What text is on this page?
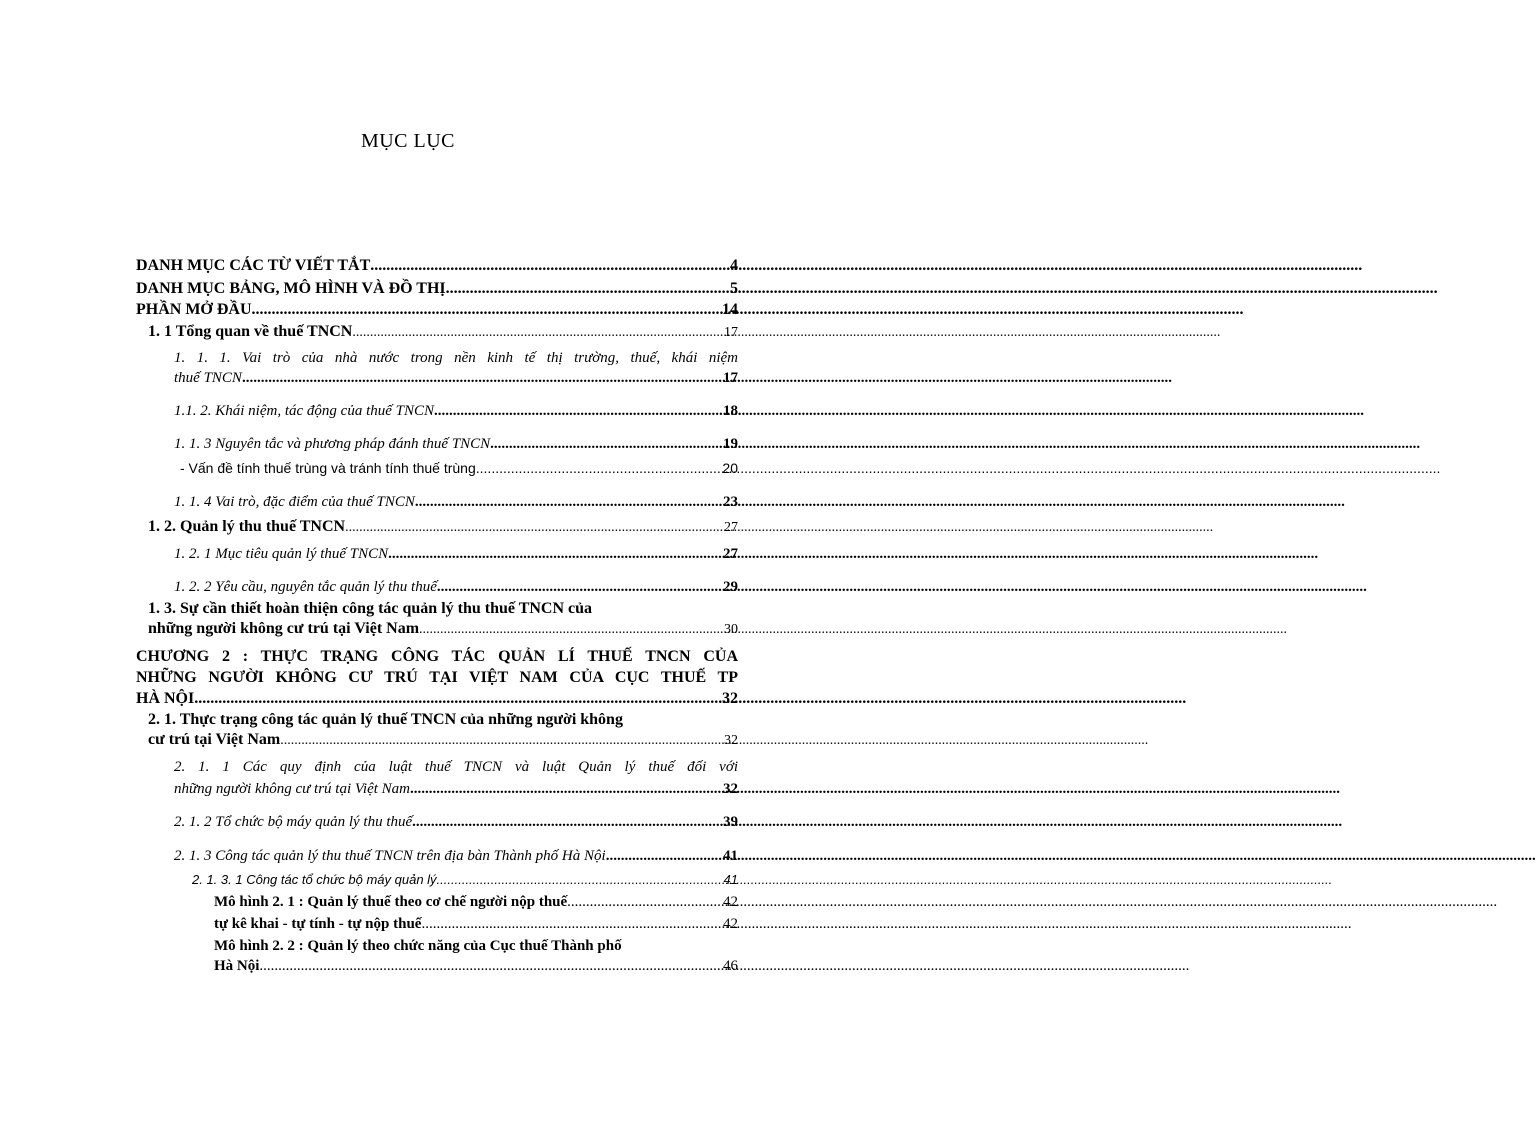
MỤC LỤC
DANH MỤC CÁC TỪ VIẾT TẮT .....	4
DANH MỤC BẢNG, MÔ HÌNH VÀ ĐỒ THỊ .....	5
PHẦN MỞ ĐẦU .....	14
1. 1 Tổng quan về thuế TNCN .....	17
1. 1. 1. Vai trò của nhà nước trong nền kinh tế thị trường, thuế, khái niệm
thuế TNCN .....	17
1.1. 2. Khái niệm, tác động của thuế TNCN .....	18
1. 1. 3 Nguyên tắc và phương pháp đánh thuế TNCN .....	19
- Vấn đề tính thuế trùng và tránh tính thuế trùng .....	20
1. 1. 4 Vai trò, đặc điểm của thuế TNCN .....	23
1. 2. Quản lý thu thuế TNCN .....	27
1. 2. 1 Mục tiêu quản lý thuế TNCN .....	27
1. 2. 2 Yêu cầu, nguyên tắc quản lý thu thuế .....	29
1. 3. Sự cần thiết hoàn thiện công tác quản lý thu thuế TNCN của
những người không cư trú tại Việt Nam .....	30
CHƯƠNG 2 : THỰC TRẠNG CÔNG TÁC QUẢN LÍ THUẾ TNCN CỦA
NHỮNG NGƯỜI KHÔNG CƯ TRÚ TẠI VIỆT NAM CỦA CỤC THUẾ TP
HÀ NỘI .....	32
2. 1. Thực trạng công tác quản lý thuế TNCN của những người không
cư trú tại Việt Nam .....	32
2. 1. 1 Các quy định của luật thuế TNCN và luật Quản lý thuế đối với
những người không cư trú tại Việt Nam .....	32
2. 1. 2 Tổ chức bộ máy quản lý thu thuế .....	39
2. 1. 3 Công tác quản lý thu thuế TNCN trên địa bàn Thành phố Hà Nội .....	41
2. 1. 3. 1 Công tác tổ chức bộ máy quản lý .....	41
Mô hình 2. 1 : Quản lý thuế theo cơ chế người nộp thuế .....	42
tự kê khai - tự tính - tự nộp thuế .....	42
Mô hình 2. 2 : Quản lý theo chức năng của Cục thuế Thành phố
Hà Nội .....	46
